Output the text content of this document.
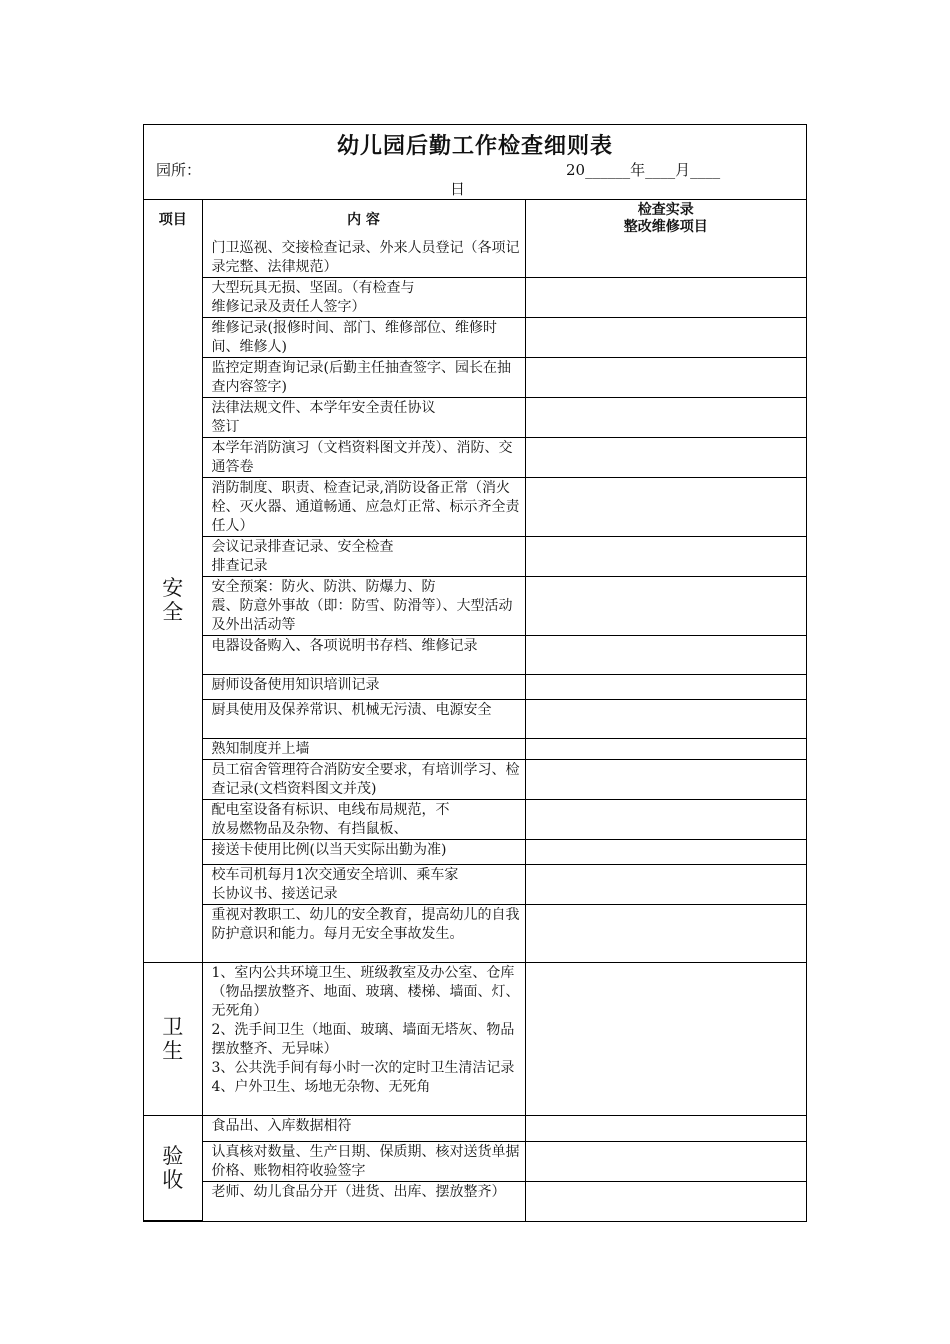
幼儿园后勤工作检查细则表
园所：	20______年____月____
日
项目	内 容	检查实录
整改维修项目

安
全	门卫巡视、交接检查记录、外来人员登记（各项记录完整、法律规范）	
	大型玩具无损、坚固。（有检查与
维修记录及责任人签字）	
	维修记录(报修时间、部门、维修部位、维修时间、维修人)	
	监控定期查询记录(后勤主任抽查签字、园长在抽查内容签字)	
	法律法规文件、本学年安全责任协议
签订	
	本学年消防演习（文档资料图文并茂）、消防、交通答卷	
	消防制度、职责、检查记录,消防设备正常（消火栓、灭火器、通道畅通、应急灯正常、标示齐全责任人）	
	会议记录排查记录、安全检查
排查记录	
	安全预案：防火、防洪、防爆力、防
震、防意外事故（即：防雪、防滑等）、大型活动及外出活动等	
	电器设备购入、各项说明书存档、维修记录	
	厨师设备使用知识培训记录	
	厨具使用及保养常识、机械无污渍、电源安全	
	熟知制度并上墙	
	员工宿舍管理符合消防安全要求，有培训学习、检查记录(文档资料图文并茂)	
	配电室设备有标识、电线布局规范，不
放易燃物品及杂物、有挡鼠板、	
	接送卡使用比例(以当天实际出勤为准)	
	校车司机每月1次交通安全培训、乘车家
长协议书、接送记录	
	重视对教职工、幼儿的安全教育，提高幼儿的自我防护意识和能力。每月无安全事故发生。	

卫
生	1、室内公共环境卫生、班级教室及办公室、仓库（物品摆放整齐、地面、玻璃、楼梯、墙面、灯、无死角）
2、洗手间卫生（地面、玻璃、墙面无塔灰、物品摆放整齐、无异味）
3、公共洗手间有每小时一次的定时卫生清洁记录
4、户外卫生、场地无杂物、无死角	

验
收	食品出、入库数据相符	
	认真核对数量、生产日期、保质期、核对送货单据价格、账物相符收验签字	
	老师、幼儿食品分开（进货、出库、摆放整齐）	
